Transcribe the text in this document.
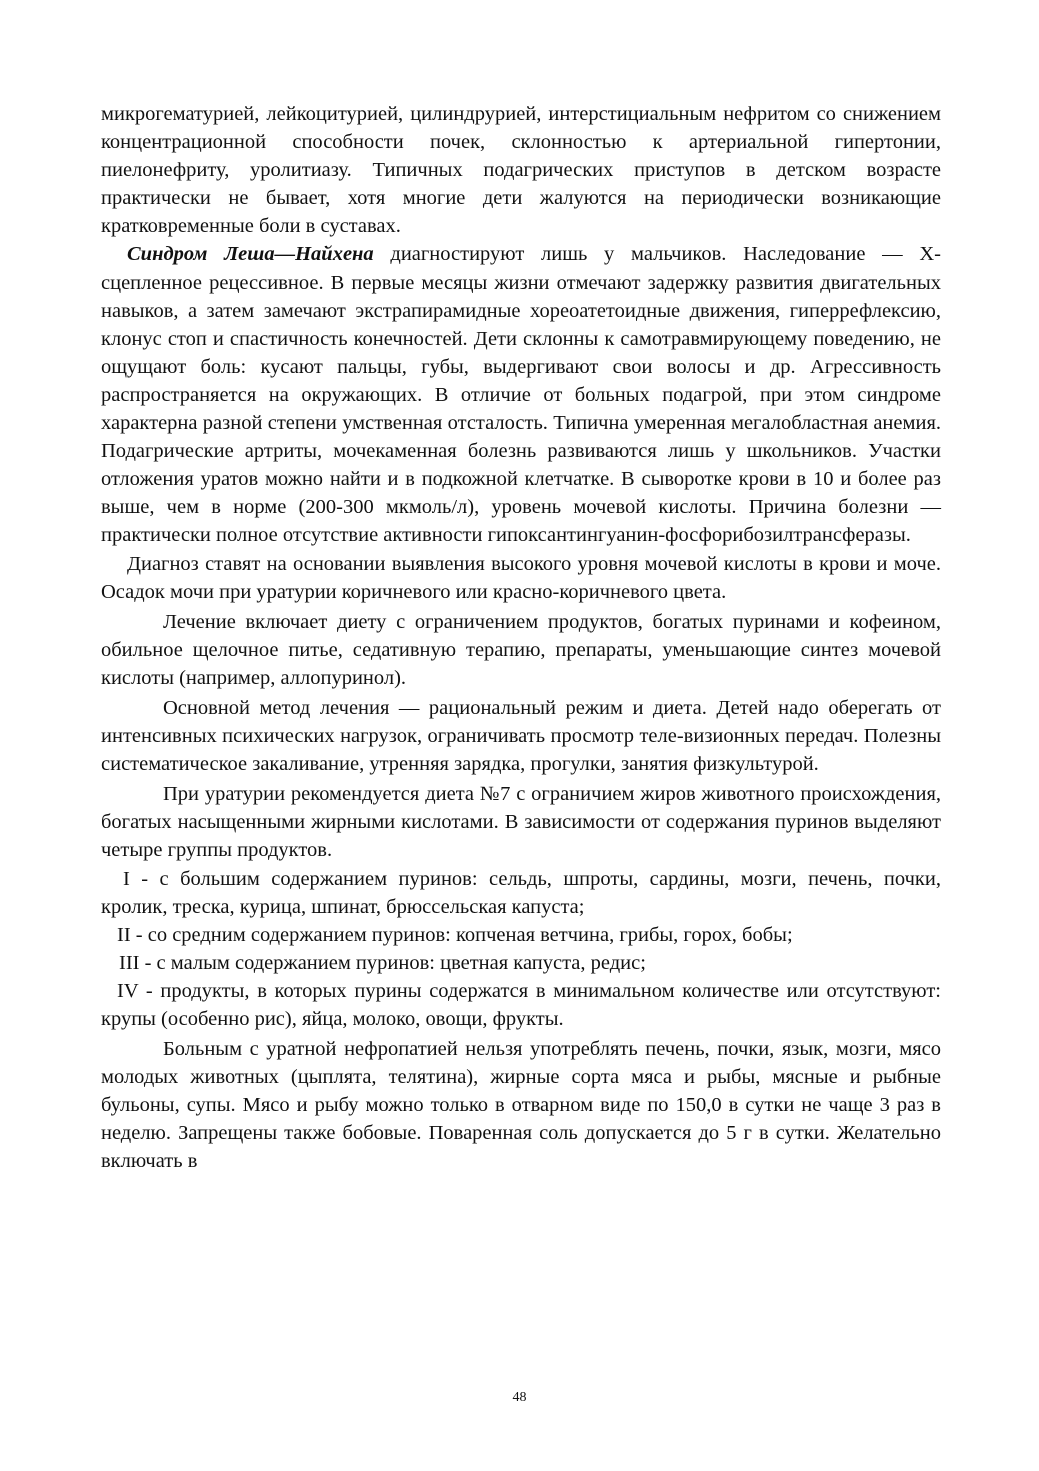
микрогематурией, лейкоцитурией, цилиндрурией, интерстициальным нефритом со снижением концентрационной способности почек, склонностью к артериальной гипертонии, пиелонефриту, уролитиазу. Типичных подагрических приступов в детском возрасте практически не бывает, хотя многие дети жалуются на периодически возникающие кратковременные боли в суставах.

Синдром Леша—Найхена диагностируют лишь у мальчиков. Наследование — Х-сцепленное рецессивное. В первые месяцы жизни отмечают задержку развития двигательных навыков, а затем замечают экстрапирамидные хореоатетоидные движения, гиперрефлексию, клонус стоп и спастичность конечностей. Дети склонны к самотравмирующему поведению, не ощущают боль: кусают пальцы, губы, выдергивают свои волосы и др. Агрессивность распространяется на окружающих. В отличие от больных подагрой, при этом синдроме характерна разной степени умственная отсталость. Типична умеренная мегалобластная анемия. Подагрические артриты, мочекаменная болезнь развиваются лишь у школьников. Участки отложения уратов можно найти и в подкожной клетчатке. В сыворотке крови в 10 и более раз выше, чем в норме (200-300 мкмоль/л), уровень мочевой кислоты. Причина болезни — практически полное отсутствие активности гипоксантингуанин-фосфорибозилтрансферазы.

Диагноз ставят на основании выявления высокого уровня мочевой кислоты в крови и моче. Осадок мочи при уратурии коричневого или красно-коричневого цвета.

Лечение включает диету с ограничением продуктов, богатых пуринами и кофеином, обильное щелочное питье, седативную терапию, препараты, уменьшающие синтез мочевой кислоты (например, аллопуринол).

Основной метод лечения — рациональный режим и диета. Детей надо оберегать от интенсивных психических нагрузок, ограничивать просмотр теле-визионных передач. Полезны систематическое закаливание, утренняя зарядка, прогулки, занятия физкультурой.

При уратурии рекомендуется диета №7 с ограничием жиров животного происхождения, богатых насыщенными жирными кислотами. В зависимости от содержания пуринов выделяют четыре группы продуктов.

I - с большим содержанием пуринов: сельдь, шпроты, сардины, мозги, печень, почки, кролик, треска, курица, шпинат, брюссельская капуста;

II - со средним содержанием пуринов: копченая ветчина, грибы, горох, бобы;

III - с малым содержанием пуринов: цветная капуста, редис;

IV - продукты, в которых пурины содержатся в минимальном количестве или отсутствуют: крупы (особенно рис), яйца, молоко, овощи, фрукты.

Больным с уратной нефропатией нельзя употреблять печень, почки, язык, мозги, мясо молодых животных (цыплята, телятина), жирные сорта мяса и рыбы, мясные и рыбные бульоны, супы. Мясо и рыбу можно только в отварном виде по 150,0 в сутки не чаще 3 раз в неделю. Запрещены также бобовые. Поваренная соль допускается до 5 г в сутки. Желательно включать в

48
